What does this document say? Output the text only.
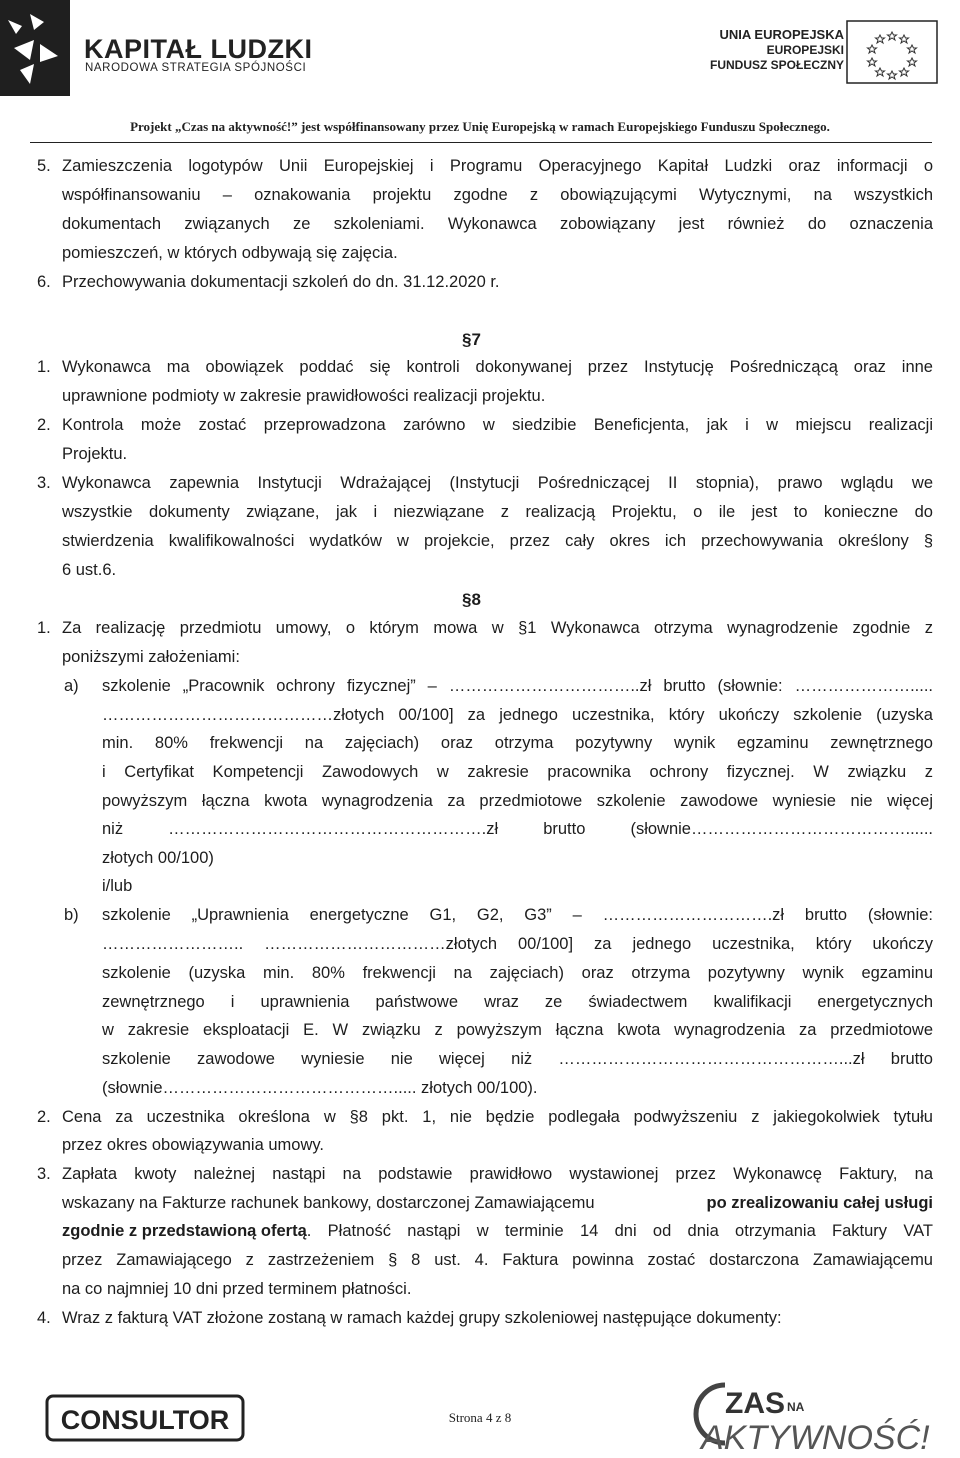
KAPITAŁ LUDZKI
NARODOWA STRATEGIA SPÓJNOŚCI
UNIA EUROPEJSKA
EUROPEJSKI
FUNDUSZ SPOŁECZNY
Projekt „Czas na aktywność!” jest współfinansowany przez Unię Europejską w ramach Europejskiego Funduszu Społecznego.
5. Zamieszczenia logotypów Unii Europejskiej i Programu Operacyjnego Kapitał Ludzki oraz informacji o
współfinansowaniu – oznakowania projektu zgodne z obowiązującymi Wytycznymi, na wszystkich
dokumentach związanych ze szkoleniami. Wykonawca zobowiązany jest również do oznaczenia
pomieszczeń, w których odbywają się zajęcia.
6. Przechowywania dokumentacji szkoleń do dn. 31.12.2020 r.
§7
1. Wykonawca ma obowiązek poddać się kontroli dokonywanej przez Instytucję Pośredniczącą oraz inne
uprawnione podmioty w zakresie prawidłowości realizacji projektu.
2. Kontrola może zostać przeprowadzona zarówno w siedzibie Beneficjenta, jak i w miejscu realizacji
Projektu.
3. Wykonawca zapewnia Instytucji Wdrażającej (Instytucji Pośredniczącej II stopnia), prawo wglądu we
wszystkie dokumenty związane, jak i niezwiązane z realizacją Projektu, o ile jest to konieczne do
stwierdzenia kwalifikowalności wydatków w projekcie, przez cały okres ich przechowywania określony §
6 ust.6.
§8
1. Za realizację przedmiotu umowy, o którym mowa w §1 Wykonawca otrzyma wynagrodzenie zgodnie z
poniższymi założeniami:
a) szkolenie „Pracownik ochrony fizycznej” – ……………………………..zł brutto (słownie: ………………….....
……………………………………złotych 00/100] za jednego uczestnika, który ukończy szkolenie (uzyska
min. 80% frekwencji na zajęciach) oraz otrzyma pozytywny wynik egzaminu zewnętrznego
i Certyfikat Kompetencji Zawodowych w zakresie pracownika ochrony fizycznej. W związku z
powyższym łączna kwota wynagrodzenia za przedmiotowe szkolenie zawodowe wyniesie nie więcej
niż ………………………………………………….zł brutto (słownie…………………………………......
złotych 00/100)
i/lub
b) szkolenie „Uprawnienia energetyczne G1, G2, G3” – ………………………….zł brutto (słownie:
…………………….. ……………………………złotych 00/100] za jednego uczestnika, który ukończy
szkolenie (uzyska min. 80% frekwencji na zajęciach) oraz otrzyma pozytywny wynik egzaminu
zewnętrznego i uprawnienia państwowe wraz ze świadectwem kwalifikacji energetycznych
w zakresie eksploatacji E. W związku z powyższym łączna kwota wynagrodzenia za przedmiotowe
szkolenie zawodowe wyniesie nie więcej niż ……………………………………………...zł brutto
(słownie……………………………………..... złotych 00/100).
2. Cena za uczestnika określona w §8 pkt. 1, nie będzie podlegała podwyższeniu z jakiegokolwiek tytułu
przez okres obowiązywania umowy.
3. Zapłata kwoty należnej nastąpi na podstawie prawidłowo wystawionej przez Wykonawcę Faktury, na
wskazany na Fakturze rachunek bankowy, dostarczonej Zamawiającemu	po zrealizowaniu całej usługi
zgodnie z przedstawioną ofertą . Płatność nastąpi w terminie 14 dni od dnia otrzymania Faktury VAT
przez Zamawiającego z zastrzeżeniem § 8 ust. 4. Faktura powinna zostać dostarczona Zamawiającemu
na co najmniej 10 dni przed terminem płatności.
4. Wraz z fakturą VAT złożone zostaną w ramach każdej grupy szkoleniowej następujące dokumenty:
CONSULTOR	Strona 4 z 8	ZAS NA
AKTYWNOŚĆ!
